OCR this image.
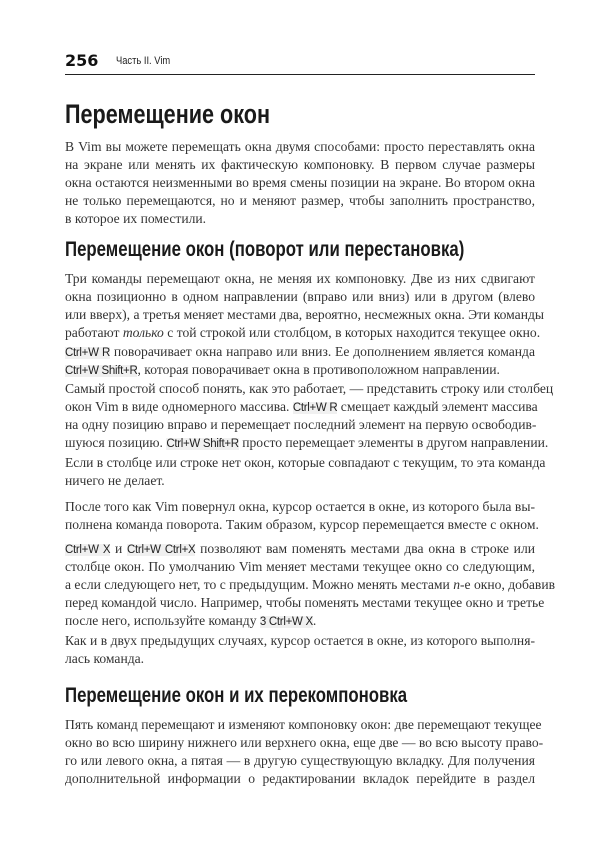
256 Часть II. Vim
Перемещение окон
Перемещение окон (поворот или перестановка)
Перемещение окон и их перекомпоновка
В Vim вы можете перемещать окна двумя способами: просто переставлять окна
на экране или менять их фактическую компоновку. В первом случае размеры
окна остаются неизменными во время смены позиции на экране. Во втором окна
не только перемещаются, но и меняют размер, чтобы заполнить пространство,
в которое их поместили.
Три команды перемещают окна, не меняя их компоновку. Две из них сдвигают
окна позиционно в одном направлении (вправо или вниз) или в другом (влево
или вверх), а третья меняет местами два, вероятно, несмежных окна. Эти команды
работают только с той строкой или столбцом, в которых находится текущее окно.
Ctrl+W R поворачивает окна направо или вниз. Ее дополнением является команда
Ctrl+W Shift+R, которая поворачивает окна в противоположном направлении.
Самый простой способ понять, как это работает, — представить строку или столбец
окон Vim в виде одномерного массива. Ctrl+W R смещает каждый элемент массива
на одну позицию вправо и перемещает последний элемент на первую освободив-
шуюся позицию. Ctrl+W Shift+R просто перемещает элементы в другом направлении.
Если в столбце или строке нет окон, которые совпадают с текущим, то эта команда
ничего не делает.
После того как Vim повернул окна, курсор остается в окне, из которого была вы-
полнена команда поворота. Таким образом, курсор перемещается вместе с окном.
Ctrl+W X и Ctrl+W Ctrl+X позволяют вам поменять местами два окна в строке или
столбце окон. По умолчанию Vim меняет местами текущее окно со следующим,
а если следующего нет, то с предыдущим. Можно менять местами n-е окно, добавив
перед командой число. Например, чтобы поменять местами текущее окно и третье
после него, используйте команду 3 Ctrl+W X.
Как и в двух предыдущих случаях, курсор остается в окне, из которого выполня-
лась команда.
Пять команд перемещают и изменяют компоновку окон: две перемещают текущее
окно во всю ширину нижнего или верхнего окна, еще две — во всю высоту право-
го или левого окна, а пятая — в другую существующую вкладку. Для получения
дополнительной информации о редактировании вкладок перейдите в раздел
